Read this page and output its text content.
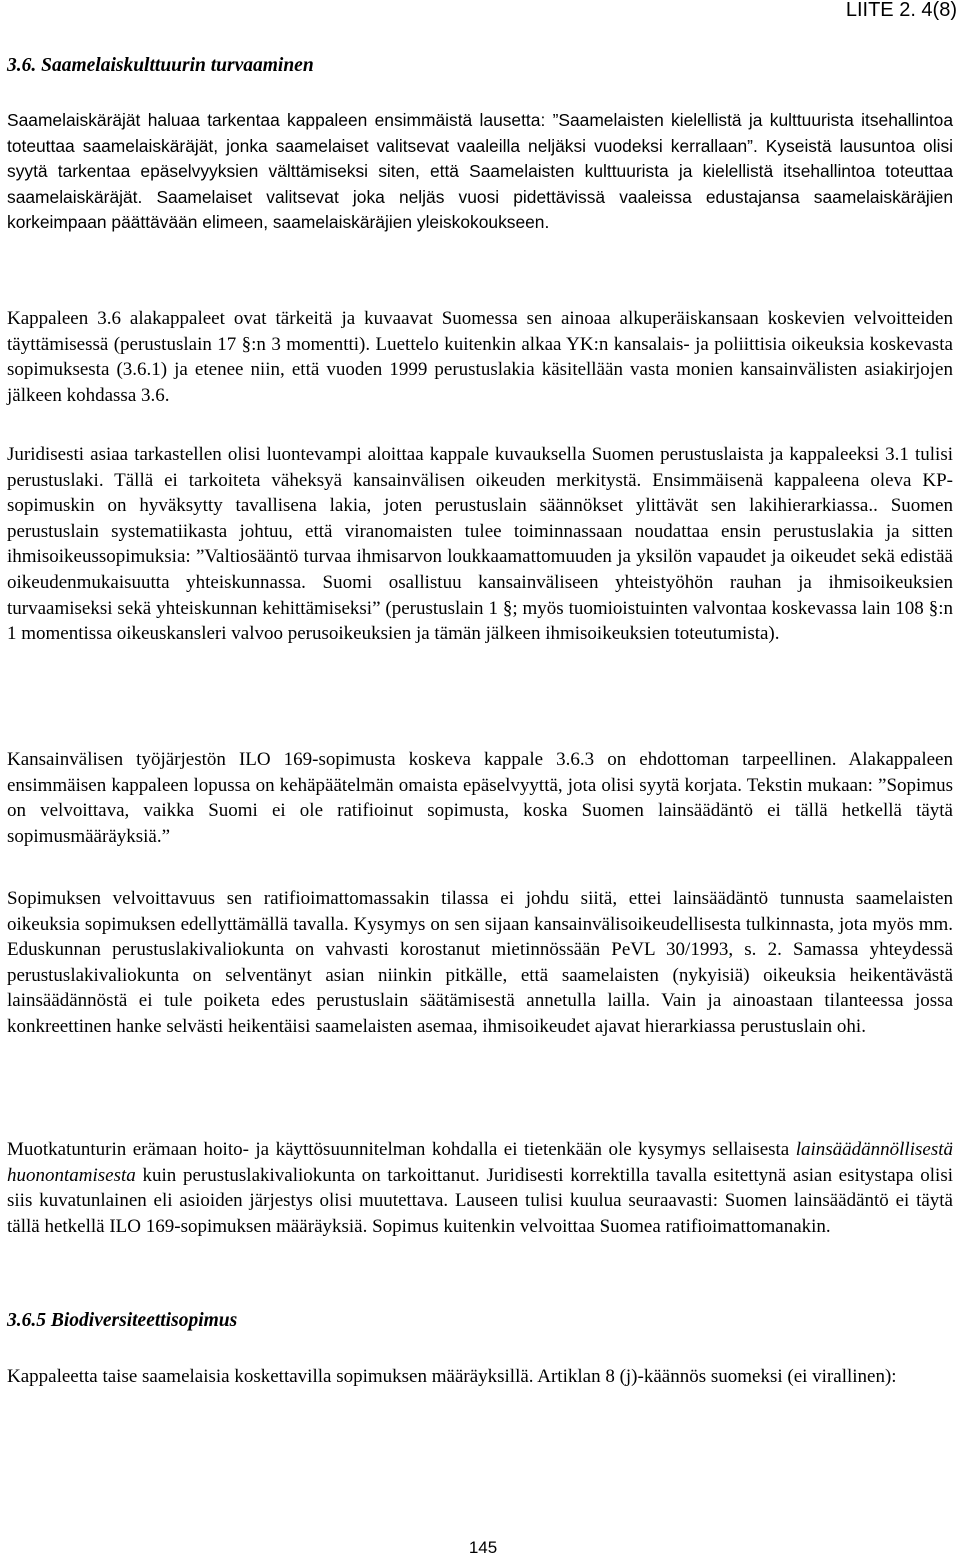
LIITE 2. 4(8)
3.6. Saamelaiskulttuurin turvaaminen

Saamelaiskäräjät haluaa tarkentaa kappaleen ensimmäistä lausetta: ”Saamelaisten kielellistä ja kulttuurista itsehallintoa toteuttaa saamelaiskäräjät, jonka saamelaiset valitsevat vaaleilla neljäksi vuodeksi kerrallaan”. Kyseistä lausuntoa olisi syytä tarkentaa epäselvyyksien välttämiseksi siten, että Saamelaisten kulttuurista ja kielellistä itsehallintoa toteuttaa saamelaiskäräjät. Saamelaiset valitsevat joka neljäs vuosi pidettävissä vaaleissa edustajansa saamelaiskäräjien korkeimpaan päättävään elimeen, saamelaiskäräjien yleiskokoukseen.

Kappaleen 3.6 alakappaleet ovat tärkeitä ja kuvaavat Suomessa sen ainoaa alkuperäiskansaan koskevien velvoitteiden täyttämisessä (perustuslain 17 §:n 3 momentti). Luettelo kuitenkin alkaa YK:n kansalais- ja poliittisia oikeuksia koskevasta sopimuksesta (3.6.1) ja etenee niin, että vuoden 1999 perustuslakia käsitellään vasta monien kansainvälisten asiakirjojen jälkeen kohdassa 3.6.

Juridisesti asiaa tarkastellen olisi luontevampi aloittaa kappale kuvauksella Suomen perustuslaista ja kappaleeksi 3.1 tulisi perustuslaki. Tällä ei tarkoiteta väheksyä kansainvälisen oikeuden merkitystä. Ensimmäisenä kappaleena oleva KP-sopimuskin on hyväksytty tavallisena lakia, joten perustuslain säännökset ylittävät sen lakihierarkiassa.. Suomen perustuslain systematiikasta johtuu, että viranomaisten tulee toiminnassaan noudattaa ensin perustuslakia ja sitten ihmisoikeussopimuksia: ”Valtiosääntö turvaa ihmisarvon loukkaamattomuuden ja yksilön vapaudet ja oikeudet sekä edistää oikeudenmukaisuutta yhteiskunnassa. Suomi osallistuu kansainväliseen yhteistyöhön rauhan ja ihmisoikeuksien turvaamiseksi sekä yhteiskunnan kehittämiseksi” (perustuslain 1 §; myös tuomioistuinten valvontaa koskevassa lain 108 §:n 1 momentissa oikeuskansleri valvoo perusoikeuksien ja tämän jälkeen ihmisoikeuksien toteutumista).

Kansainvälisen työjärjestön ILO 169-sopimusta koskeva kappale 3.6.3 on ehdottoman tarpeellinen. Alakappaleen ensimmäisen kappaleen lopussa on kehäpäätelmän omaista epäselvyyttä, jota olisi syytä korjata. Tekstin mukaan: ”Sopimus on velvoittava, vaikka Suomi ei ole ratifioinut sopimusta, koska Suomen lainsäädäntö ei tällä hetkellä täytä sopimusmääräyksiä.”

Sopimuksen velvoittavuus sen ratifioimattomassakin tilassa ei johdu siitä, ettei lainsäädäntö tunnusta saamelaisten oikeuksia sopimuksen edellyttämällä tavalla. Kysymys on sen sijaan kansainvälisoikeudellisesta tulkinnasta, jota myös mm. Eduskunnan perustuslakivaliokunta on vahvasti korostanut mietinnössään PeVL 30/1993, s. 2. Samassa yhteydessä perustuslakivaliokunta on selventänyt asian niinkin pitkälle, että saamelaisten (nykyisiä) oikeuksia heikentävästä lainsäädännöstä ei tule poiketa edes perustuslain säätämisestä annetulla lailla. Vain ja ainoastaan tilanteessa jossa konkreettinen hanke selvästi heikentäisi saamelaisten asemaa, ihmisoikeudet ajavat hierarkiassa perustuslain ohi.

Muotkatunturin erämaan hoito- ja käyttösuunnitelman kohdalla ei tietenkään ole kysymys sellaisesta lainsäädännöllisestä huonontamisesta kuin perustuslakivaliokunta on tarkoittanut. Juridisesti korrektilla tavalla esitettynä asian esitystapa olisi siis kuvatunlainen eli asioiden järjestys olisi muutettava. Lauseen tulisi kuulua seuraavasti: Suomen lainsäädäntö ei täytä tällä hetkellä ILO 169-sopimuksen määräyksiä. Sopimus kuitenkin velvoittaa Suomea ratifioimattomanakin.

3.6.5 Biodiversiteettisopimus

Kappaleetta taise saamelaisia koskettavilla sopimuksen määräyksillä. Artiklan 8 (j)-käännös suomeksi (ei virallinen):

145
